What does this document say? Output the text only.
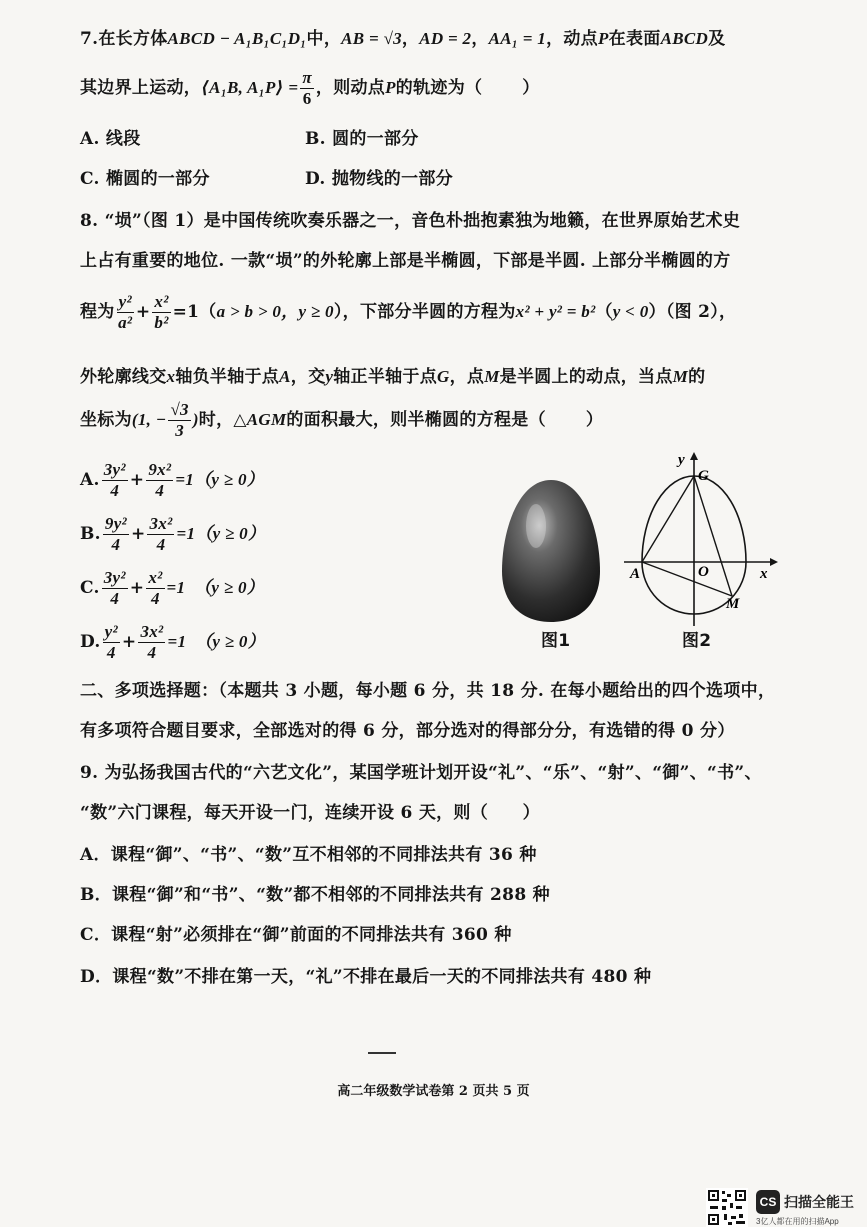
7.在长方体ABCD − A₁B₁C₁D₁中，AB = √3，AD = 2，AA₁ = 1，动点P在表面ABCD及
其边界上运动，⟨A₁B, A₁P⟩ = $\frac{\pi}{6}$ ，则动点P的轨迹为（ ）
A. 线段	B. 圆的一部分
C. 椭圆的一部分	D. 抛物线的一部分
8. “埙”（图 1）是中国传统吹奏乐器之一，音色朴拙抱素独为地籁，在世界原始艺术史
上占有重要的地位. 一款“埙”的外轮廓上部是半椭圆，下部是半圆. 上部分半椭圆的方
程为 $\frac{\text{y²}}{\text{a²}} + \frac{\text{x²}}{\text{b²}} =1(a > b > 0$，y ≥ 0），下部分半圆的方程为x² + y² = b²（y < 0）（图 2），
外轮廓线交x轴负半轴于点A，交y轴正半轴于点G，点M是半圆上的动点，当点M的
坐标为(1, − $\frac{√3}{3}$ )时，△AGM的面积最大，则半椭圆的方程是（ ）
A. $\frac{\text{3y²}}{4} + \frac{\text{9x²}}{4} =1(y \ge 0)$
B. $\frac{\text{9y²}}{4} + \frac{\text{3x²}}{4} =1(y \ge 0)$
C. $\frac{\text{3y²}}{4} + \frac{\text{x²}}{4} =1$　（y ≥ 0）
D. $\frac{\text{y²}}{4} + \frac{\text{3x²}}{4} =1$　（y ≥ 0）	图1
y
G
A	O	x
M
图2
二、多项选择题：（本题共 3 小题，每小题 6 分，共 18 分. 在每小题给出的四个选项中，
有多项符合题目要求，全部选对的得 6 分，部分选对的得部分分，有选错的得 0 分）
9. 为弘扬我国古代的“六艺文化”，某国学班计划开设“礼”、“乐”、“射”、“御”、“书”、
“数”六门课程，每天开设一门，连续开设 6 天，则（　　）
A．课程“御”、“书”、“数”互不相邻的不同排法共有 36 种
B．课程“御”和“书”、“数”都不相邻的不同排法共有 288 种
C．课程“射”必须排在“御”前面的不同排法共有 360 种
D．课程“数”不排在第一天，“礼”不排在最后一天的不同排法共有 480 种
高二年级数学试卷第 2 页共 5 页
CS 扫描全能王
3亿人都在用的扫描App
